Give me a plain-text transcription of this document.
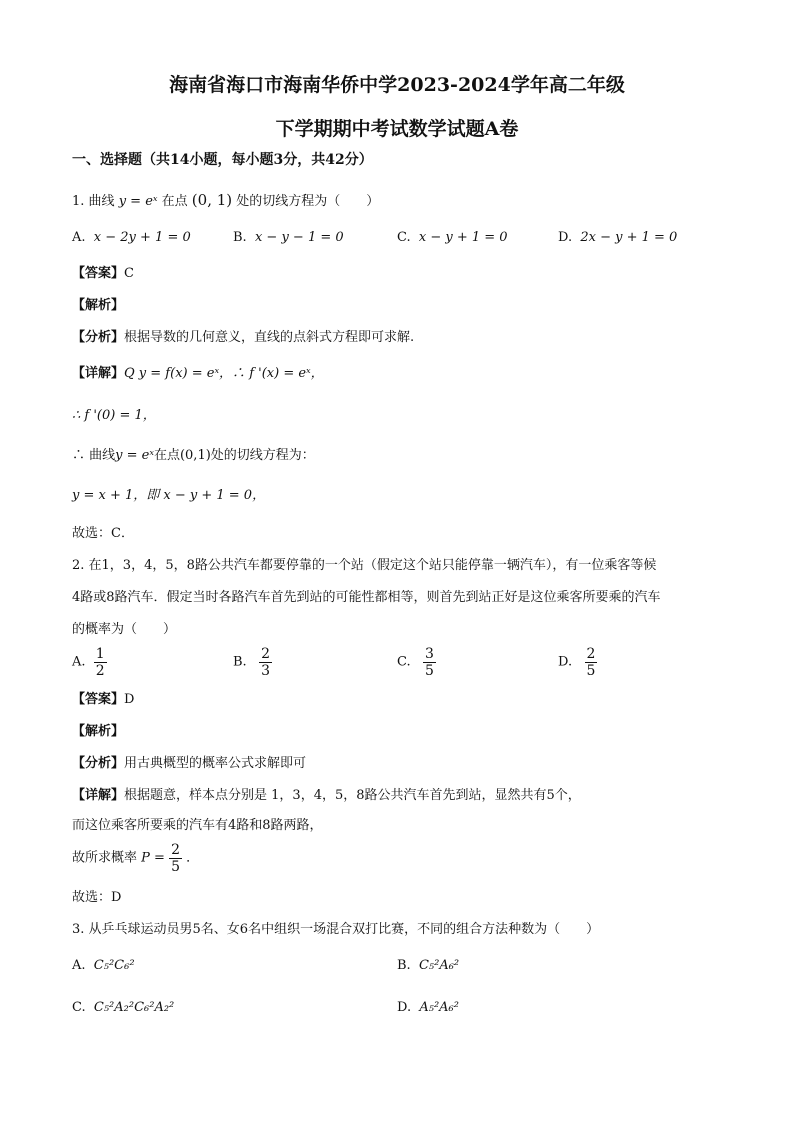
海南省海口市海南华侨中学2023-2024学年高二年级
下学期期中考试数学试题A卷
一、选择题（共14小题，每小题3分，共42分）
1. 曲线 y = eˣ 在点 (0, 1) 处的切线方程为（　　）
A. x − 2y + 1 = 0	B. x − y − 1 = 0	C. x − y + 1 = 0	D. 2x − y + 1 = 0
【答案】C
【解析】
【分析】根据导数的几何意义，直线的点斜式方程即可求解.
【详解】Q y = f(x) = eˣ，∴ f '(x) = eˣ，
∴ f '(0) = 1，
∴ 曲线y = eˣ在点(0,1)处的切线方程为：
y = x + 1，即 x − y + 1 = 0，
故选：C．
2. 在1，3，4，5，8路公共汽车都要停靠的一个站（假定这个站只能停靠一辆汽车），有一位乘客等候
4路或8路汽车．假定当时各路汽车首先到站的可能性都相等，则首先到站正好是这位乘客所要乘的汽车
的概率为（　　）
A. $\frac{1}{2}$	B. $\frac{2}{3}$	C. $\frac{3}{5}$	D. $\frac{2}{5}$
【答案】D
【解析】
【分析】用古典概型的概率公式求解即可
【详解】根据题意，样本点分别是 1，3，4，5，8路公共汽车首先到站，显然共有5个，
而这位乘客所要乘的汽车有4路和8路两路，
故所求概率 $P = \frac{2}{5}$ ．
故选：D
3. 从乒乓球运动员男5名、女6名中组织一场混合双打比赛，不同的组合方法种数为（　　）
A. C₅²C₆²	B. C₅²A₆²
C. C₅²A₂²C₆²A₂²	D. A₅²A₆²
